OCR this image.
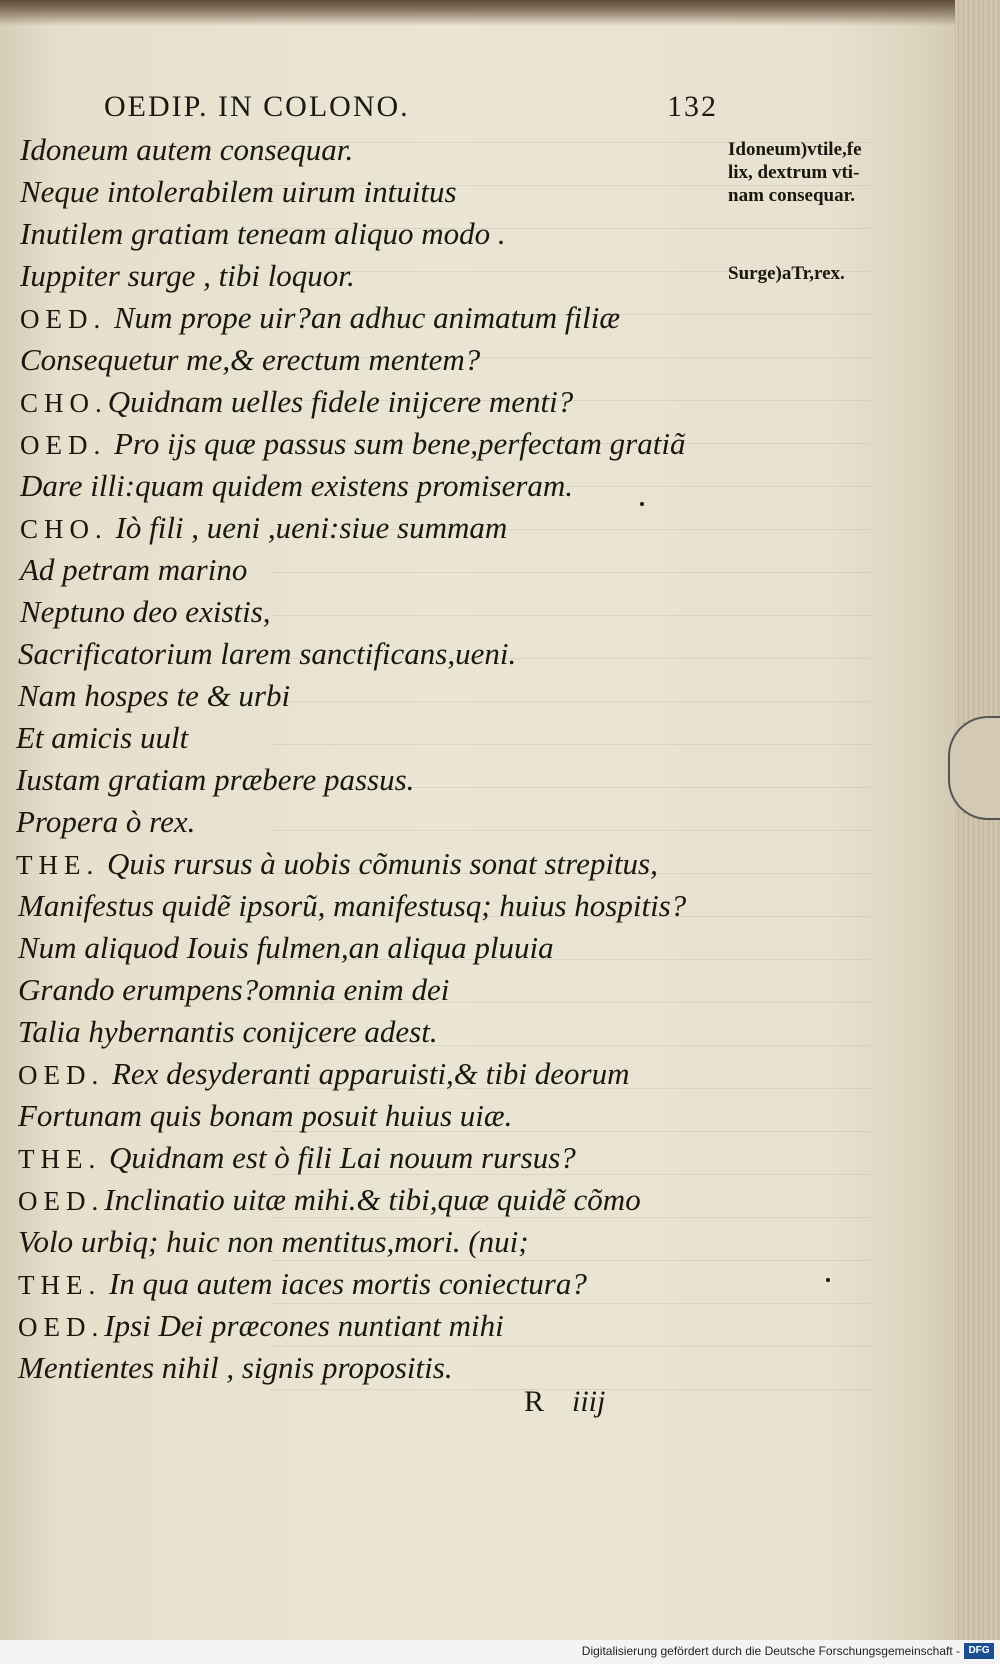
OEDIP. IN COLONO.	132
Idoneum autem consequar.
Neque intolerabilem uirum intuitus
Inutilem gratiam teneam aliquo modo .
Iuppiter surge , tibi loquor.
OED. Num prope uir?an adhuc animatum filiæ
Consequetur me,& erectum mentem?
CHO.Quidnam uelles fidele inijcere menti?
OED. Pro ijs quæ passus sum bene,perfectam gratiã
Dare illi:quam quidem existens promiseram.
CHO. Iò fili , ueni ,ueni:siue summam
Ad petram marino
Neptuno deo existis,
Sacrificatorium larem sanctificans,ueni.
Nam hospes te & urbi
Et amicis uult
Iustam gratiam præbere passus.
Propera ò rex.
THE. Quis rursus à uobis cõmunis sonat strepitus,
Manifestus quidẽ ipsorũ, manifestusq; huius hospitis?
Num aliquod Iouis fulmen,an aliqua pluuia
Grando erumpens?omnia enim dei
Talia hybernantis conijcere adest.
OED. Rex desyderanti apparuisti,& tibi deorum
Fortunam quis bonam posuit huius uiæ.
THE. Quidnam est ò fili Lai nouum rursus?
OED.Inclinatio uitæ mihi.& tibi,quæ quidẽ cõmo
Volo urbiq; huic non mentitus,mori. (nui;
THE. In qua autem iaces mortis coniectura?
OED.Ipsi Dei præcones nuntiant mihi
Mentientes nihil , signis propositis.
Idoneum)vtile,fe
lix, dextrum vti-
nam consequar.
Surge)aTr,rex.
R iiij
Digitalisierung gefördert durch die Deutsche Forschungsgemeinschaft - DFG
